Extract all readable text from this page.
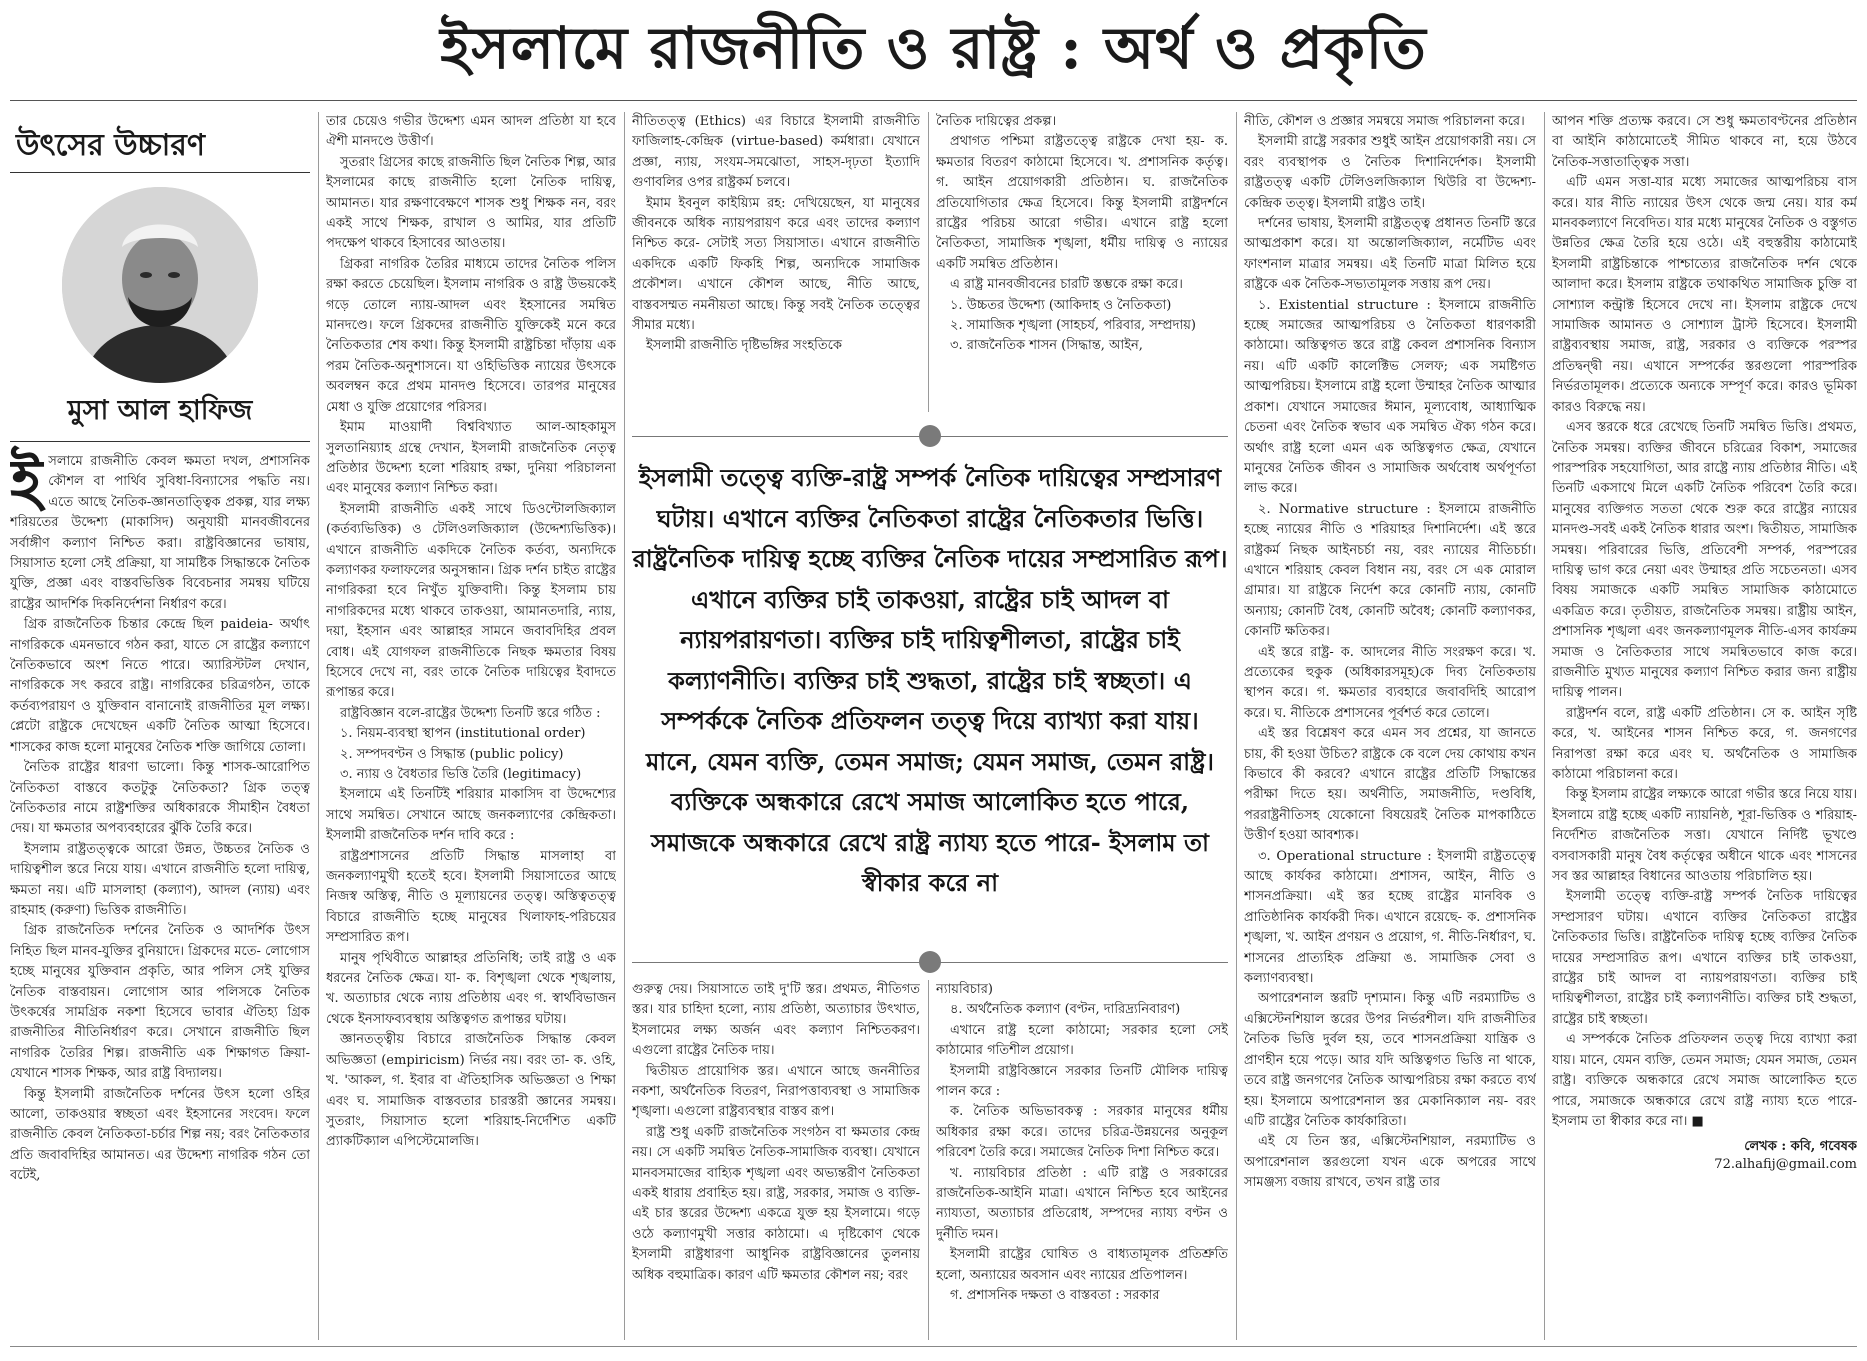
ইসলামে রাজনীতি ও রাষ্ট্র : অর্থ ও প্রকৃতি
উৎসের উচ্চারণ
মুসা আল হাফিজ

ইসলামে রাজনীতি কেবল ক্ষমতা দখল, প্রশাসনিক কৌশল বা পার্থিব সুবিধা-বিন্যাসের পদ্ধতি নয়। এতে আছে নৈতিক-জ্ঞানতাত্ত্বিক প্রকল্প, যার লক্ষ্য শরিয়তের উদ্দেশ্য (মাকাসিদ) অনুযায়ী মানবজীবনের সর্বাঙ্গীণ কল্যাণ নিশ্চিত করা। রাষ্ট্রবিজ্ঞানের ভাষায়, সিয়াসাত হলো সেই প্রক্রিয়া, যা সামষ্টিক সিদ্ধান্তকে নৈতিক যুক্তি, প্রজ্ঞা এবং বাস্তবভিত্তিক বিবেচনার সমন্বয় ঘটিয়ে রাষ্ট্রের আদর্শিক দিকনির্দেশনা নির্ধারণ করে।

গ্রিক রাজনৈতিক চিন্তার কেন্দ্রে ছিল paideia- অর্থাৎ নাগরিককে এমনভাবে গঠন করা, যাতে সে রাষ্ট্রের কল্যাণে নৈতিকভাবে অংশ নিতে পারে। অ্যারিস্টটল দেখান, নাগরিককে সৎ করবে রাষ্ট্র। নাগরিকের চরিত্রগঠন, তাকে কর্তব্যপরায়ণ ও যুক্তিবান বানানোই রাজনীতির মূল লক্ষ্য। প্লেটো রাষ্ট্রকে দেখেছেন একটি নৈতিক আত্মা হিসেবে। শাসকের কাজ হলো মানুষের নৈতিক শক্তি জাগিয়ে তোলা।

নৈতিক রাষ্ট্রের ধারণা ভালো। কিন্তু শাসক-আরোপিত নৈতিকতা বাস্তবে কতটুকু নৈতিকতা? গ্রিক তত্ত্ব নৈতিকতার নামে রাষ্ট্রশক্তির অধিকারকে সীমাহীন বৈধতা দেয়। যা ক্ষমতার অপব্যবহারের ঝুঁকি তৈরি করে।

ইসলাম রাষ্ট্রতত্ত্বকে আরো উন্নত, উচ্চতর নৈতিক ও দায়িত্বশীল স্তরে নিয়ে যায়। এখানে রাজনীতি হলো দায়িত্ব, ক্ষমতা নয়। এটি মাসলাহা (কল্যাণ), আদল (ন্যায়) এবং রাহমাহ (করুণা) ভিত্তিক রাজনীতি।

গ্রিক রাজনৈতিক দর্শনের নৈতিক ও আদর্শিক উৎস নিহিত ছিল মানব-যুক্তির বুনিয়াদে। গ্রিকদের মতে- লোগোস হচ্ছে মানুষের যুক্তিবান প্রকৃতি, আর পলিস সেই যুক্তির নৈতিক বাস্তবায়ন। লোগোস আর পলিসকে নৈতিক উৎকর্ষের সামগ্রিক নকশা হিসেবে ভাবার ঐতিহ্য গ্রিক রাজনীতির নীতিনির্ধারণ করে। সেখানে রাজনীতি ছিল নাগরিক তৈরির শিল্প। রাজনীতি এক শিক্ষাগত ক্রিয়া- যেখানে শাসক শিক্ষক, আর রাষ্ট্র বিদ্যালয়।

কিন্তু ইসলামী রাজনৈতিক দর্শনের উৎস হলো ওহির আলো, তাকওয়ার স্বচ্ছতা এবং ইহসানের সংবেদ। ফলে রাজনীতি কেবল নৈতিকতা-চর্চার শিল্প নয়; বরং নৈতিকতার প্রতি জবাবদিহির আমানত। এর উদ্দেশ্য নাগরিক গঠন তো বটেই,

তার চেয়েও গভীর উদ্দেশ্য এমন আদল প্রতিষ্ঠা যা হবে ঐশী মানদণ্ডে উত্তীর্ণ।

সুতরাং গ্রিসের কাছে রাজনীতি ছিল নৈতিক শিল্প, আর ইসলামের কাছে রাজনীতি হলো নৈতিক দায়িত্ব, আমানত। যার রক্ষণাবেক্ষণে শাসক শুধু শিক্ষক নন, বরং একই সাথে শিক্ষক, রাখাল ও আমির, যার প্রতিটি পদক্ষেপ থাকবে হিসাবের আওতায়।

গ্রিকরা নাগরিক তৈরির মাধ্যমে তাদের নৈতিক পলিস রক্ষা করতে চেয়েছিল। ইসলাম নাগরিক ও রাষ্ট্র উভয়কেই গড়ে তোলে ন্যায়-আদল এবং ইহসানের সমন্বিত মানদণ্ডে। ফলে গ্রিকদের রাজনীতি যুক্তিকেই মনে করে নৈতিকতার শেষ কথা। কিন্তু ইসলামী রাষ্ট্রচিন্তা দাঁড়ায় এক পরম নৈতিক-অনুশাসনে। যা ওহিভিত্তিক ন্যায়ের উৎসকে অবলম্বন করে প্রথম মানদণ্ড হিসেবে। তারপর মানুষের মেধা ও যুক্তি প্রয়োগের পরিসর।

ইমাম মাওয়ার্দী বিশ্ববিখ্যাত আল-আহকামুস সুলতানিয়্যাহ গ্রন্থে দেখান, ইসলামী রাজনৈতিক নেতৃত্ব প্রতিষ্ঠার উদ্দেশ্য হলো শরিয়াহ রক্ষা, দুনিয়া পরিচালনা এবং মানুষের কল্যাণ নিশ্চিত করা।

ইসলামী রাজনীতি একই সাথে ডিওন্টোলজিক্যাল (কর্তব্যভিত্তিক) ও টেলিওলজিক্যাল (উদ্দেশ্যভিত্তিক)। এখানে রাজনীতি একদিকে নৈতিক কর্তব্য, অন্যদিকে কল্যাণকর ফলাফলের অনুসন্ধান। গ্রিক দর্শন চাইত রাষ্ট্রের নাগরিকরা হবে নিখুঁত যুক্তিবাদী। কিন্তু ইসলাম চায় নাগরিকদের মধ্যে থাকবে তাকওয়া, আমানতদারি, ন্যায়, দয়া, ইহসান এবং আল্লাহর সামনে জবাবদিহির প্রবল বোধ। এই যোগফল রাজনীতিকে নিছক ক্ষমতার বিষয় হিসেবে দেখে না, বরং তাকে নৈতিক দায়িত্বের ইবাদতে রূপান্তর করে।

রাষ্ট্রবিজ্ঞান বলে-রাষ্ট্রের উদ্দেশ্য তিনটি স্তরে গঠিত :

১. নিয়ম-ব্যবস্থা স্থাপন (institutional order)

২. সম্পদবণ্টন ও সিদ্ধান্ত (public policy)

৩. ন্যায় ও বৈধতার ভিত্তি তৈরি (legitimacy)

ইসলামে এই তিনটিই শরিয়ার মাকাসিদ বা উদ্দেশ্যের সাথে সমন্বিত। সেখানে আছে জনকল্যাণের কেন্দ্রিকতা। ইসলামী রাজনৈতিক দর্শন দাবি করে :

রাষ্ট্রপ্রশাসনের প্রতিটি সিদ্ধান্ত মাসলাহা বা জনকল্যাণমুখী হতেই হবে। ইসলামী সিয়াসাতের আছে নিজস্ব অস্তিত্ব, নীতি ও মূল্যায়নের তত্ত্ব। অস্তিত্বতত্ত্ব বিচারে রাজনীতি হচ্ছে মানুষের খিলাফাহ-পরিচয়ের সম্প্রসারিত রূপ।

মানুষ পৃথিবীতে আল্লাহর প্রতিনিধি; তাই রাষ্ট্র ও এক ধরনের নৈতিক ক্ষেত্র। যা- ক. বিশৃঙ্খলা থেকে শৃঙ্খলায়, খ. অত্যাচার থেকে ন্যায় প্রতিষ্ঠায় এবং গ. স্বার্থবিভাজন থেকে ইনসাফব্যবস্থায় অস্তিত্বগত রূপান্তর ঘটায়।

জ্ঞানতত্ত্বীয় বিচারে রাজনৈতিক সিদ্ধান্ত কেবল অভিজ্ঞতা (empiricism) নির্ভর নয়। বরং তা- ক. ওহি, খ. 'আকল, গ. ইবার বা ঐতিহাসিক অভিজ্ঞতা ও শিক্ষা এবং ঘ. সামাজিক বাস্তবতার চারস্তরী জ্ঞানের সমন্বয়। সুতরাং, সিয়াসাত হলো শরিয়াহ-নির্দেশিত একটি প্র্যাকটিক্যাল এপিস্টেমোলজি।

নীতিতত্ত্ব (Ethics) এর বিচারে ইসলামী রাজনীতি ফাজিলাহ-কেন্দ্রিক (virtue-based) কর্মধারা। যেখানে প্রজ্ঞা, ন্যায়, সংযম-সমঝোতা, সাহস-দৃঢ়তা ইত্যাদি গুণাবলির ওপর রাষ্ট্রকর্ম চলবে।

ইমাম ইবনুল কাইয়্যিম রহ: দেখিয়েছেন, যা মানুষের জীবনকে অধিক ন্যায়পরায়ণ করে এবং তাদের কল্যাণ নিশ্চিত করে- সেটাই সত্য সিয়াসাত। এখানে রাজনীতি একদিকে একটি ফিকহি শিল্প, অন্যদিকে সামাজিক প্রকৌশল। এখানে কৌশল আছে, নীতি আছে, বাস্তবসম্মত নমনীয়তা আছে। কিন্তু সবই নৈতিক তত্ত্বের সীমার মধ্যে।

ইসলামী রাজনীতি দৃষ্টিভঙ্গির সংহতিকে

নৈতিক দায়িত্বের প্রকল্প।

প্রথাগত পশ্চিমা রাষ্ট্রতত্ত্বে রাষ্ট্রকে দেখা হয়- ক. ক্ষমতার বিতরণ কাঠামো হিসেবে। খ. প্রশাসনিক কর্তৃত্ব। গ. আইন প্রয়োগকারী প্রতিষ্ঠান। ঘ. রাজনৈতিক প্রতিযোগিতার ক্ষেত্র হিসেবে। কিন্তু ইসলামী রাষ্ট্রদর্শনে রাষ্ট্রের পরিচয় আরো গভীর। এখানে রাষ্ট্র হলো নৈতিকতা, সামাজিক শৃঙ্খলা, ধর্মীয় দায়িত্ব ও ন্যায়ের একটি সমন্বিত প্রতিষ্ঠান।

এ রাষ্ট্র মানবজীবনের চারটি স্তম্ভকে রক্ষা করে।

১. উচ্চতর উদ্দেশ্য (আকিদাহ ও নৈতিকতা)

২. সামাজিক শৃঙ্খলা (সাহচর্য, পরিবার, সম্প্রদায়)

৩. রাজনৈতিক শাসন (সিদ্ধান্ত, আইন,

ইসলামী তত্ত্বে ব্যক্তি-রাষ্ট্র সম্পর্ক নৈতিক দায়িত্বের সম্প্রসারণ ঘটায়। এখানে ব্যক্তির নৈতিকতা রাষ্ট্রের নৈতিকতার ভিত্তি। রাষ্ট্রনৈতিক দায়িত্ব হচ্ছে ব্যক্তির নৈতিক দায়ের সম্প্রসারিত রূপ। এখানে ব্যক্তির চাই তাকওয়া, রাষ্ট্রের চাই আদল বা ন্যায়পরায়ণতা। ব্যক্তির চাই দায়িত্বশীলতা, রাষ্ট্রের চাই কল্যাণনীতি। ব্যক্তির চাই শুদ্ধতা, রাষ্ট্রের চাই স্বচ্ছতা। এ সম্পর্ককে নৈতিক প্রতিফলন তত্ত্ব দিয়ে ব্যাখ্যা করা যায়। মানে, যেমন ব্যক্তি, তেমন সমাজ; যেমন সমাজ, তেমন রাষ্ট্র। ব্যক্তিকে অন্ধকারে রেখে সমাজ আলোকিত হতে পারে, সমাজকে অন্ধকারে রেখে রাষ্ট্র ন্যায্য হতে পারে- ইসলাম তা স্বীকার করে না

গুরুত্ব দেয়। সিয়াসাতে তাই দু'টি স্তর। প্রথমত, নীতিগত স্তর। যার চাহিদা হলো, ন্যায় প্রতিষ্ঠা, অত্যাচার উৎখাত, ইসলামের লক্ষ্য অর্জন এবং কল্যাণ নিশ্চিতকরণ। এগুলো রাষ্ট্রের নৈতিক দায়।

দ্বিতীয়ত প্রায়োগিক স্তর। এখানে আছে জননীতির নকশা, অর্থনৈতিক বিতরণ, নিরাপত্তাব্যবস্থা ও সামাজিক শৃঙ্খলা। এগুলো রাষ্ট্রব্যবস্থার বাস্তব রূপ।

রাষ্ট্র শুধু একটি রাজনৈতিক সংগঠন বা ক্ষমতার কেন্দ্র নয়। সে একটি সমন্বিত নৈতিক-সামাজিক ব্যবস্থা। যেখানে মানবসমাজের বাহ্যিক শৃঙ্খলা এবং অভ্যন্তরীণ নৈতিকতা একই ধারায় প্রবাহিত হয়। রাষ্ট্র, সরকার, সমাজ ও ব্যক্তি- এই চার স্তরের উদ্দেশ্য একত্রে যুক্ত হয় ইসলামে। গড়ে ওঠে কল্যাণমুখী সত্তার কাঠামো। এ দৃষ্টিকোণ থেকে ইসলামী রাষ্ট্রধারণা আধুনিক রাষ্ট্রবিজ্ঞানের তুলনায় অধিক বহুমাত্রিক। কারণ এটি ক্ষমতার কৌশল নয়; বরং

ন্যায়বিচার)

৪. অর্থনৈতিক কল্যাণ (বণ্টন, দারিদ্র্যনিবারণ)

এখানে রাষ্ট্র হলো কাঠামো; সরকার হলো সেই কাঠামোর গতিশীল প্রয়োগ।

ইসলামী রাষ্ট্রবিজ্ঞানে সরকার তিনটি মৌলিক দায়িত্ব পালন করে :

ক. নৈতিক অভিভাবকত্ব : সরকার মানুষের ধর্মীয় অধিকার রক্ষা করে। তাদের চরিত্র-উন্নয়নের অনুকূল পরিবেশ তৈরি করে। সমাজের নৈতিক দিশা নিশ্চিত করে।

খ. ন্যায়বিচার প্রতিষ্ঠা : এটি রাষ্ট্র ও সরকারের রাজনৈতিক-আইনি মাত্রা। এখানে নিশ্চিত হবে আইনের ন্যায্যতা, অত্যাচার প্রতিরোধ, সম্পদের ন্যায্য বণ্টন ও দুর্নীতি দমন।

ইসলামী রাষ্ট্রের ঘোষিত ও বাধ্যতামূলক প্রতিশ্রুতি হলো, অন্যায়ের অবসান এবং ন্যায়ের প্রতিপালন।

গ. প্রশাসনিক দক্ষতা ও বাস্তবতা : সরকার

নীতি, কৌশল ও প্রজ্ঞার সমন্বয়ে সমাজ পরিচালনা করে।

ইসলামী রাষ্ট্রে সরকার শুধুই আইন প্রয়োগকারী নয়। সে বরং ব্যবস্থাপক ও নৈতিক দিশানির্দেশক। ইসলামী রাষ্ট্রতত্ত্ব একটি টেলিওলজিক্যাল থিউরি বা উদ্দেশ্য-কেন্দ্রিক তত্ত্ব। ইসলামী রাষ্ট্রও তাই।

দর্শনের ভাষায়, ইসলামী রাষ্ট্রতত্ত্ব প্রধানত তিনটি স্তরে আত্মপ্রকাশ করে। যা অন্তোলজিক্যাল, নর্মেটিভ এবং ফাংশনাল মাত্রার সমন্বয়। এই তিনটি মাত্রা মিলিত হয়ে রাষ্ট্রকে এক নৈতিক-সভ্যতামূলক সত্তায় রূপ দেয়।

১. Existential structure : ইসলামে রাজনীতি হচ্ছে সমাজের আত্মপরিচয় ও নৈতিকতা ধারণকারী কাঠামো। অস্তিত্বগত স্তরে রাষ্ট্র কেবল প্রশাসনিক বিন্যাস নয়। এটি একটি কালেক্টিভ সেলফ; এক সমষ্টিগত আত্মপরিচয়। ইসলামে রাষ্ট্র হলো উম্মাহর নৈতিক আত্মার প্রকাশ। যেখানে সমাজের ঈমান, মূল্যবোধ, আধ্যাত্মিক চেতনা এবং নৈতিক স্বভাব এক সমন্বিত ঐক্য গঠন করে। অর্থাৎ রাষ্ট্র হলো এমন এক অস্তিত্বগত ক্ষেত্র, যেখানে মানুষের নৈতিক জীবন ও সামাজিক অর্থবোধ অর্থপূর্ণতা লাভ করে।

২. Normative structure : ইসলামে রাজনীতি হচ্ছে ন্যায়ের নীতি ও শরিয়াহর দিশানির্দেশ। এই স্তরে রাষ্ট্রকর্ম নিছক আইনচর্চা নয়, বরং ন্যায়ের নীতিচর্চা। এখানে শরিয়াহ কেবল বিধান নয়, বরং সে এক মোরাল গ্রামার। যা রাষ্ট্রকে নির্দেশ করে কোনটি ন্যায়, কোনটি অন্যায়; কোনটি বৈধ, কোনটি অবৈধ; কোনটি কল্যাণকর, কোনটি ক্ষতিকর।

এই স্তরে রাষ্ট্র- ক. আদলের নীতি সংরক্ষণ করে। খ. প্রত্যেকের হুকুক (অধিকারসমূহ)কে দিব্য নৈতিকতায় স্থাপন করে। গ. ক্ষমতার ব্যবহারে জবাবদিহি আরোপ করে। ঘ. নীতিকে প্রশাসনের পূর্বশর্ত করে তোলে।

এই স্তর বিশ্লেষণ করে এমন সব প্রশ্নের, যা জানতে চায়, কী হওয়া উচিত? রাষ্ট্রকে কে বলে দেয় কোথায় কখন কিভাবে কী করবে? এখানে রাষ্ট্রের প্রতিটি সিদ্ধান্তের পরীক্ষা দিতে হয়। অর্থনীতি, সমাজনীতি, দণ্ডবিধি, পররাষ্ট্রনীতিসহ যেকোনো বিষয়েরই নৈতিক মাপকাঠিতে উত্তীর্ণ হওয়া আবশ্যক।

৩. Operational structure : ইসলামী রাষ্ট্রতত্ত্বে আছে কার্যকর কাঠামো। প্রশাসন, আইন, নীতি ও শাসনপ্রক্রিয়া। এই স্তর হচ্ছে রাষ্ট্রের মানবিক ও প্রাতিষ্ঠানিক কার্যকরী দিক। এখানে রয়েছে- ক. প্রশাসনিক শৃঙ্খলা, খ. আইন প্রণয়ন ও প্রয়োগ, গ. নীতি-নির্ধারণ, ঘ. শাসনের প্রাত্যহিক প্রক্রিয়া ঙ. সামাজিক সেবা ও কল্যাণব্যবস্থা।

অপারেশনাল স্তরটি দৃশ্যমান। কিন্তু এটি নরম্যাটিভ ও এক্সিস্টেনশিয়াল স্তরের উপর নির্ভরশীল। যদি রাজনীতির নৈতিক ভিত্তি দুর্বল হয়, তবে শাসনপ্রক্রিয়া যান্ত্রিক ও প্রাণহীন হয়ে পড়ে। আর যদি অস্তিত্বগত ভিত্তি না থাকে, তবে রাষ্ট্র জনগণের নৈতিক আত্মপরিচয় রক্ষা করতে ব্যর্থ হয়। ইসলামে অপারেশনাল স্তর মেকানিক্যাল নয়- বরং এটি রাষ্ট্রের নৈতিক কার্যকারিতা।

এই যে তিন স্তর, এক্সিস্টেনশিয়াল, নরম্যাটিভ ও অপারেশনাল স্তরগুলো যখন একে অপরের সাথে সামঞ্জস্য বজায় রাখবে, তখন রাষ্ট্র তার

আপন শক্তি প্রত্যক্ষ করবে। সে শুধু ক্ষমতাবণ্টনের প্রতিষ্ঠান বা আইনি কাঠামোতেই সীমিত থাকবে না, হয়ে উঠবে নৈতিক-সত্তাতাত্ত্বিক সত্তা।

এটি এমন সত্তা-যার মধ্যে সমাজের আত্মপরিচয় বাস করে। যার নীতি ন্যায়ের উৎস থেকে জন্ম নেয়। যার কর্ম মানবকল্যাণে নিবেদিত। যার মধ্যে মানুষের নৈতিক ও বস্তুগত উন্নতির ক্ষেত্র তৈরি হয়ে ওঠে। এই বহুস্তরীয় কাঠামোই ইসলামী রাষ্ট্রচিন্তাকে পাশ্চাত্যের রাজনৈতিক দর্শন থেকে আলাদা করে। ইসলাম রাষ্ট্রকে তথাকথিত সামাজিক চুক্তি বা সোশ্যাল কন্ট্রাক্ট হিসেবে দেখে না। ইসলাম রাষ্ট্রকে দেখে সামাজিক আমানত ও সোশ্যাল ট্রাস্ট হিসেবে। ইসলামী রাষ্ট্রব্যবস্থায় সমাজ, রাষ্ট্র, সরকার ও ব্যক্তিকে পরস্পর প্রতিদ্বন্দ্বী নয়। এখানে সম্পর্কের স্তরগুলো পারস্পরিক নির্ভরতামূলক। প্রত্যেকে অন্যকে সম্পূর্ণ করে। কারও ভূমিকা কারও বিরুদ্ধে নয়।

এসব স্তরকে ধরে রেখেছে তিনটি সমন্বিত ভিত্তি। প্রথমত, নৈতিক সমন্বয়। ব্যক্তির জীবনে চরিত্রের বিকাশ, সমাজের পারস্পরিক সহযোগিতা, আর রাষ্ট্রে ন্যায় প্রতিষ্ঠার নীতি। এই তিনটি একসাথে মিলে একটি নৈতিক পরিবেশ তৈরি করে। মানুষের ব্যক্তিগত সততা থেকে শুরু করে রাষ্ট্রের ন্যায়ের মানদণ্ড-সবই একই নৈতিক ধারার অংশ। দ্বিতীয়ত, সামাজিক সমন্বয়। পরিবারের ভিত্তি, প্রতিবেশী সম্পর্ক, পরস্পরের দায়িত্ব ভাগ করে নেয়া এবং উম্মাহর প্রতি সচেতনতা। এসব বিষয় সমাজকে একটি সমন্বিত সামাজিক কাঠামোতে একত্রিত করে। তৃতীয়ত, রাজনৈতিক সমন্বয়। রাষ্ট্রীয় আইন, প্রশাসনিক শৃঙ্খলা এবং জনকল্যাণমূলক নীতি-এসব কার্যক্রম সমাজ ও নৈতিকতার সাথে সমন্বিতভাবে কাজ করে। রাজনীতি মুখ্যত মানুষের কল্যাণ নিশ্চিত করার জন্য রাষ্ট্রীয় দায়িত্ব পালন।

রাষ্ট্রদর্শন বলে, রাষ্ট্র একটি প্রতিষ্ঠান। সে ক. আইন সৃষ্টি করে, খ. আইনের শাসন নিশ্চিত করে, গ. জনগণের নিরাপত্তা রক্ষা করে এবং ঘ. অর্থনৈতিক ও সামাজিক কাঠামো পরিচালনা করে।

কিন্তু ইসলাম রাষ্ট্রের লক্ষ্যকে আরো গভীর স্তরে নিয়ে যায়। ইসলামে রাষ্ট্র হচ্ছে একটি ন্যায়নিষ্ঠ, শূরা-ভিত্তিক ও শরিয়াহ-নির্দেশিত রাজনৈতিক সত্তা। যেখানে নির্দিষ্ট ভূখণ্ডে বসবাসকারী মানুষ বৈধ কর্তৃত্বের অধীনে থাকে এবং শাসনের সব স্তর আল্লাহর বিধানের আওতায় পরিচালিত হয়।

ইসলামী তত্ত্বে ব্যক্তি-রাষ্ট্র সম্পর্ক নৈতিক দায়িত্বের সম্প্রসারণ ঘটায়। এখানে ব্যক্তির নৈতিকতা রাষ্ট্রের নৈতিকতার ভিত্তি। রাষ্ট্রনৈতিক দায়িত্ব হচ্ছে ব্যক্তির নৈতিক দায়ের সম্প্রসারিত রূপ। এখানে ব্যক্তির চাই তাকওয়া, রাষ্ট্রের চাই আদল বা ন্যায়পরায়ণতা। ব্যক্তির চাই দায়িত্বশীলতা, রাষ্ট্রের চাই কল্যাণনীতি। ব্যক্তির চাই শুদ্ধতা, রাষ্ট্রের চাই স্বচ্ছতা।

এ সম্পর্ককে নৈতিক প্রতিফলন তত্ত্ব দিয়ে ব্যাখ্যা করা যায়। মানে, যেমন ব্যক্তি, তেমন সমাজ; যেমন সমাজ, তেমন রাষ্ট্র। ব্যক্তিকে অন্ধকারে রেখে সমাজ আলোকিত হতে পারে, সমাজকে অন্ধকারে রেখে রাষ্ট্র ন্যায্য হতে পারে- ইসলাম তা স্বীকার করে না। ■

লেখক : কবি, গবেষক
72.alhafij@gmail.com
